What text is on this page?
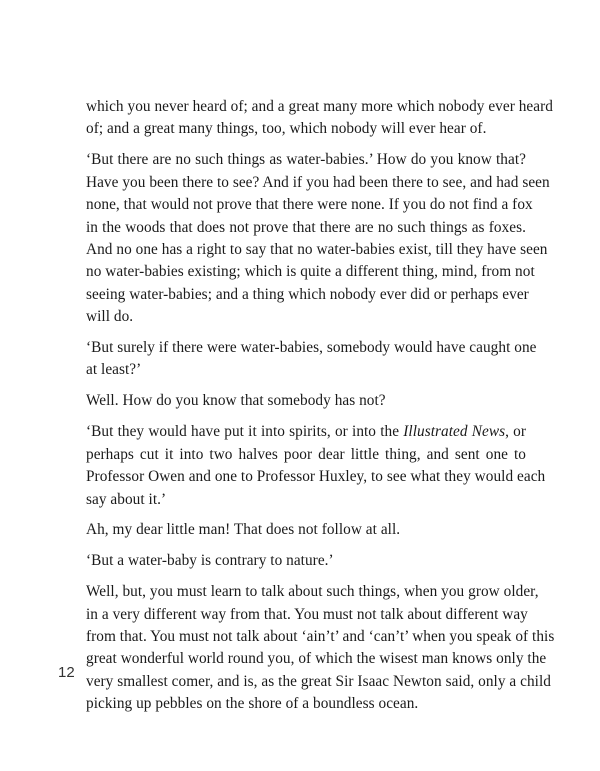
which you never heard of; and a great many more which nobody ever heard
of; and a great many things, too, which nobody will ever hear of.

‘But there are no such things as water-babies.’ How do you know that?
Have you been there to see? And if you had been there to see, and had seen
none, that would not prove that there were none. If you do not find a fox
in the woods that does not prove that there are no such things as foxes.
And no one has a right to say that no water-babies exist, till they have seen
no water-babies existing; which is quite a different thing, mind, from not
seeing water-babies; and a thing which nobody ever did or perhaps ever
will do.

‘But surely if there were water-babies, somebody would have caught one
at least?’

Well. How do you know that somebody has not?

‘But they would have put it into spirits, or into the Illustrated News, or
perhaps cut it into two halves poor dear little thing, and sent one to
Professor Owen and one to Professor Huxley, to see what they would each
say about it.’

Ah, my dear little man! That does not follow at all.

‘But a water-baby is contrary to nature.’

Well, but, you must learn to talk about such things, when you grow older,
in a very different way from that. You must not talk about different way
from that. You must not talk about ‘ain’t’ and ‘can’t’ when you speak of this
great wonderful world round you, of which the wisest man knows only the
very smallest comer, and is, as the great Sir Isaac Newton said, only a child
picking up pebbles on the shore of a boundless ocean.

12
